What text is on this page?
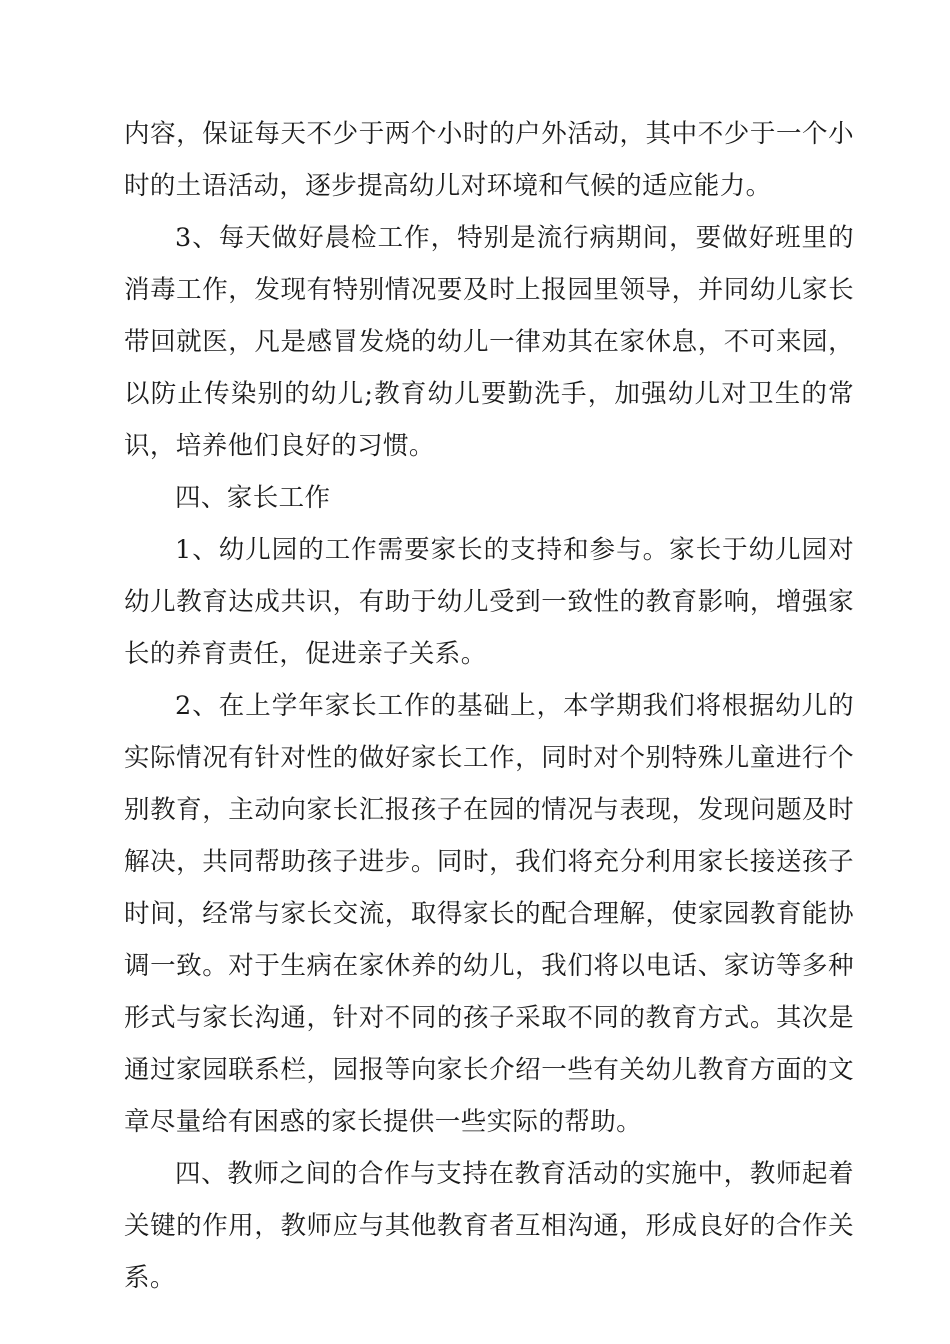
内容，保证每天不少于两个小时的户外活动，其中不少于一个小时的土语活动，逐步提高幼儿对环境和气候的适应能力。

3、每天做好晨检工作，特别是流行病期间，要做好班里的消毒工作，发现有特别情况要及时上报园里领导，并同幼儿家长带回就医，凡是感冒发烧的幼儿一律劝其在家休息，不可来园，以防止传染别的幼儿;教育幼儿要勤洗手，加强幼儿对卫生的常识，培养他们良好的习惯。

四、家长工作

1、幼儿园的工作需要家长的支持和参与。家长于幼儿园对幼儿教育达成共识，有助于幼儿受到一致性的教育影响，增强家长的养育责任，促进亲子关系。

2、在上学年家长工作的基础上，本学期我们将根据幼儿的实际情况有针对性的做好家长工作，同时对个别特殊儿童进行个别教育，主动向家长汇报孩子在园的情况与表现，发现问题及时解决，共同帮助孩子进步。同时，我们将充分利用家长接送孩子时间，经常与家长交流，取得家长的配合理解，使家园教育能协调一致。对于生病在家休养的幼儿，我们将以电话、家访等多种形式与家长沟通，针对不同的孩子采取不同的教育方式。其次是通过家园联系栏，园报等向家长介绍一些有关幼儿教育方面的文章尽量给有困惑的家长提供一些实际的帮助。

四、教师之间的合作与支持在教育活动的实施中，教师起着关键的作用，教师应与其他教育者互相沟通，形成良好的合作关系。
